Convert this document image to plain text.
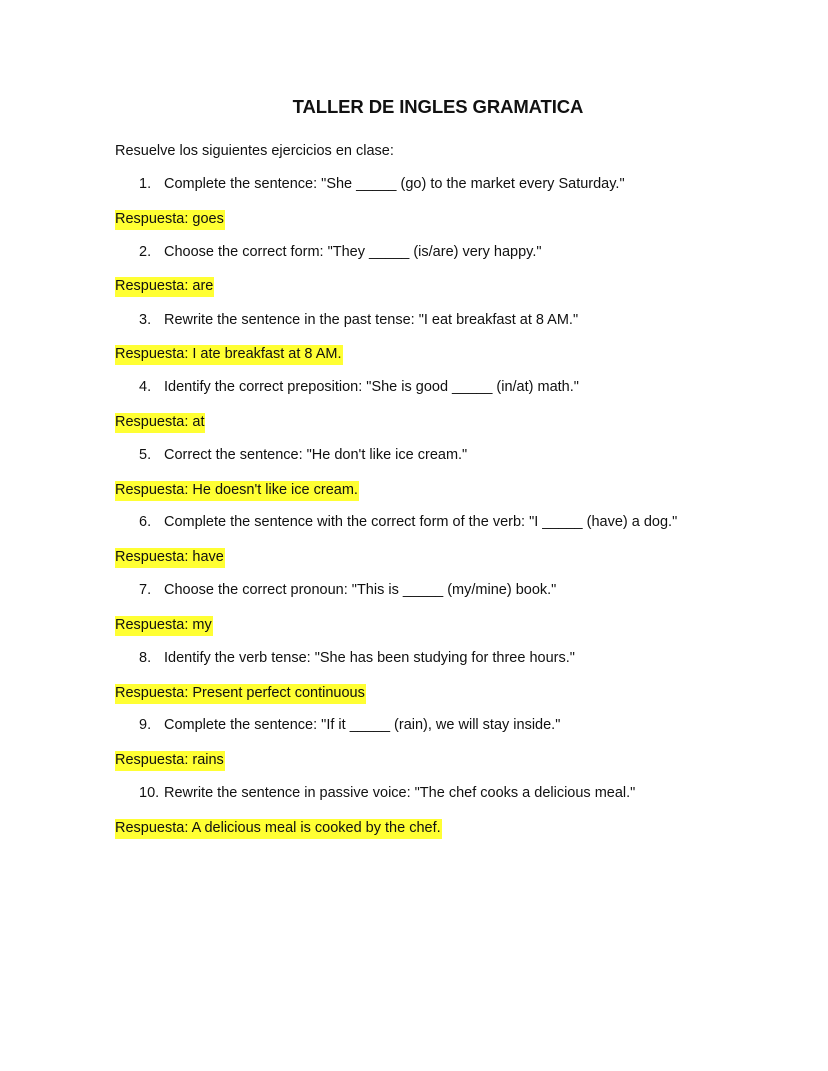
TALLER DE INGLES GRAMATICA
Resuelve los siguientes ejercicios en clase:
1. Complete the sentence: "She _____ (go) to the market every Saturday."
Respuesta: goes
2. Choose the correct form: "They _____ (is/are) very happy."
Respuesta: are
3. Rewrite the sentence in the past tense: "I eat breakfast at 8 AM."
Respuesta: I ate breakfast at 8 AM.
4. Identify the correct preposition: "She is good _____ (in/at) math."
Respuesta: at
5. Correct the sentence: "He don't like ice cream."
Respuesta: He doesn't like ice cream.
6. Complete the sentence with the correct form of the verb: "I _____ (have) a dog."
Respuesta: have
7. Choose the correct pronoun: "This is _____ (my/mine) book."
Respuesta: my
8. Identify the verb tense: "She has been studying for three hours."
Respuesta: Present perfect continuous
9. Complete the sentence: "If it _____ (rain), we will stay inside."
Respuesta: rains
10. Rewrite the sentence in passive voice: "The chef cooks a delicious meal."
Respuesta: A delicious meal is cooked by the chef.
